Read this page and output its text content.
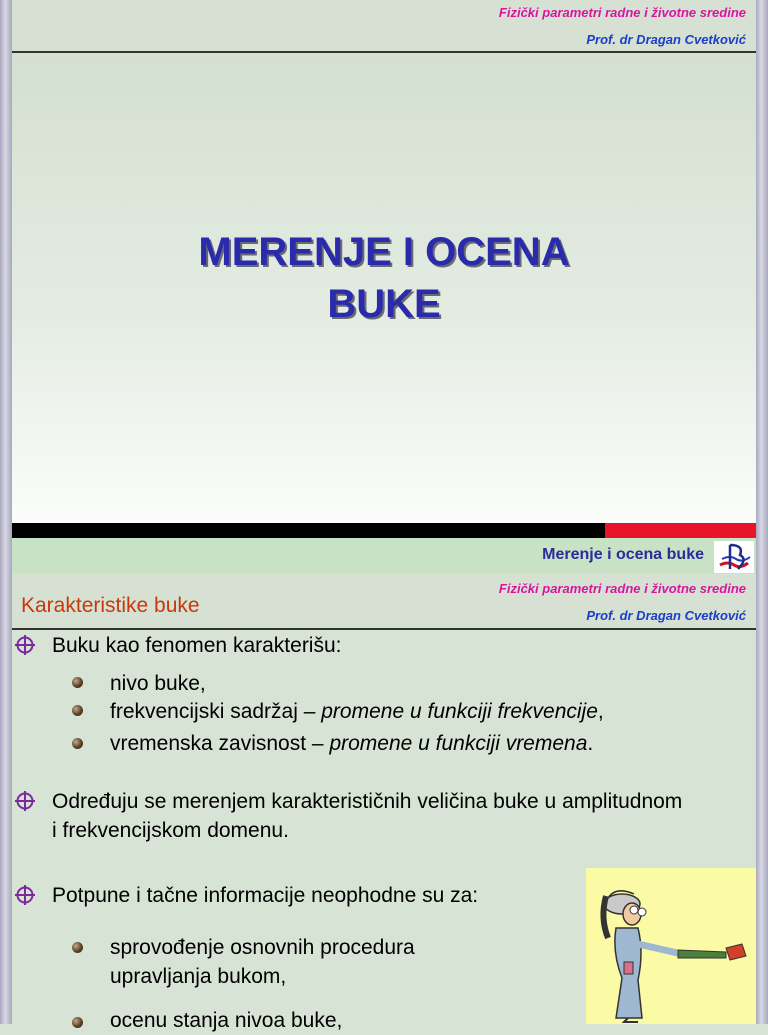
Fizički parametri radne i životne sredine
Prof. dr Dragan Cvetković
MERENJE I OCENA
BUKE
Merenje i ocena buke
Fizički parametri radne i životne sredine
Prof. dr Dragan Cvetković
Karakteristike buke
Buku kao fenomen karakterišu:
nivo buke,
frekvencijski sadržaj – promene u funkciji frekvencije,
vremenska zavisnost – promene u funkciji vremena.
Određuju se merenjem karakterističnih veličina buke u amplitudnom
i frekvencijskom domenu.
Potpune i tačne informacije neophodne su za:
sprovođenje osnovnih procedura
upravljanja bukom,
ocenu stanja nivoa buke,
